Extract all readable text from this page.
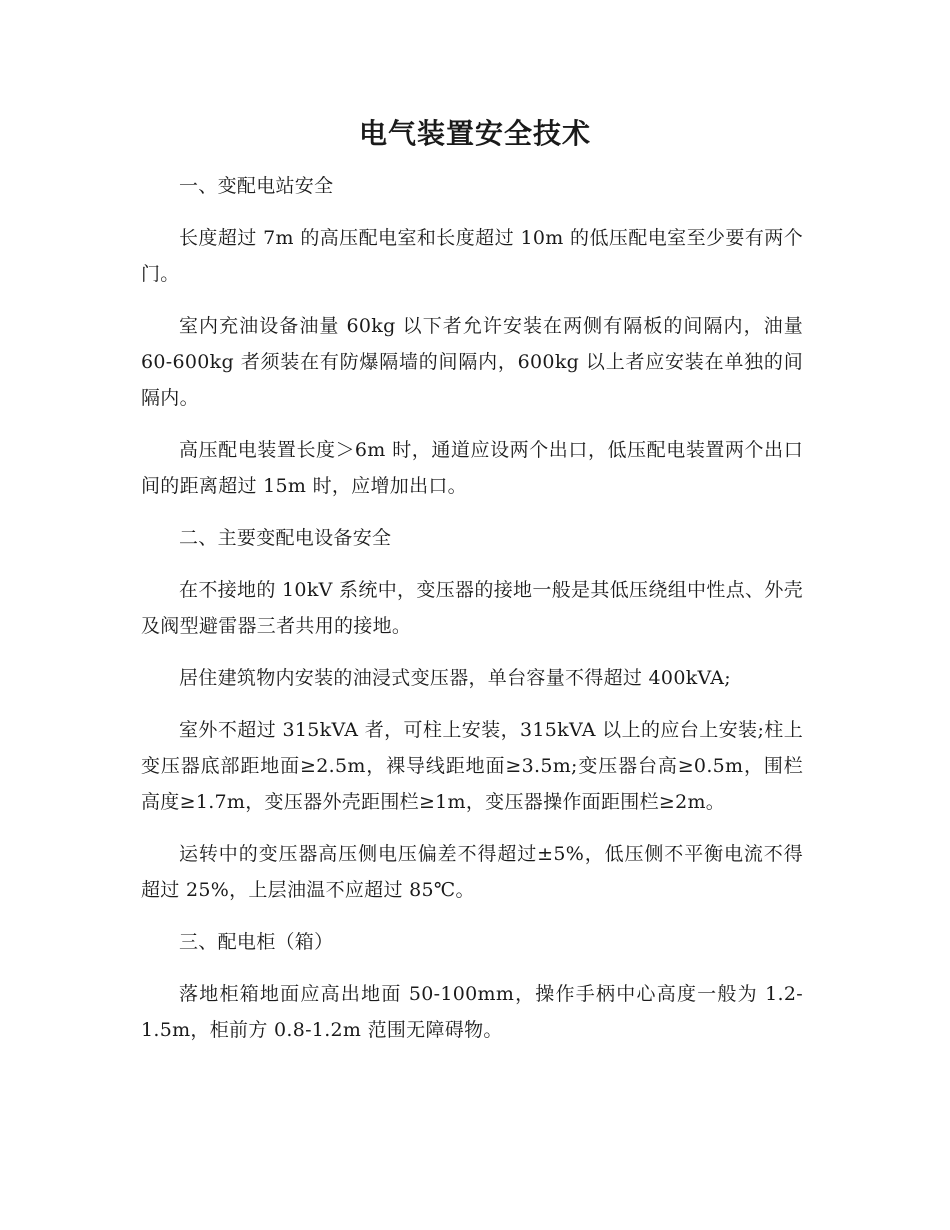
电气装置安全技术

一、变配电站安全

长度超过 7m 的高压配电室和长度超过 10m 的低压配电室至少要有两个门。

室内充油设备油量 60kg 以下者允许安装在两侧有隔板的间隔内，油量 60-600kg 者须装在有防爆隔墙的间隔内，600kg 以上者应安装在单独的间隔内。

高压配电装置长度＞6m 时，通道应设两个出口，低压配电装置两个出口间的距离超过 15m 时，应增加出口。

二、主要变配电设备安全

在不接地的 10kV 系统中，变压器的接地一般是其低压绕组中性点、外壳及阀型避雷器三者共用的接地。

居住建筑物内安装的油浸式变压器，单台容量不得超过 400kVA;

室外不超过 315kVA 者，可柱上安装，315kVA 以上的应台上安装;柱上变压器底部距地面≥2.5m，裸导线距地面≥3.5m;变压器台高≥0.5m，围栏高度≥1.7m，变压器外壳距围栏≥1m，变压器操作面距围栏≥2m。

运转中的变压器高压侧电压偏差不得超过±5%，低压侧不平衡电流不得超过 25%，上层油温不应超过 85℃。

三、配电柜（箱）

落地柜箱地面应高出地面 50-100mm，操作手柄中心高度一般为 1.2-1.5m，柜前方 0.8-1.2m 范围无障碍物。
